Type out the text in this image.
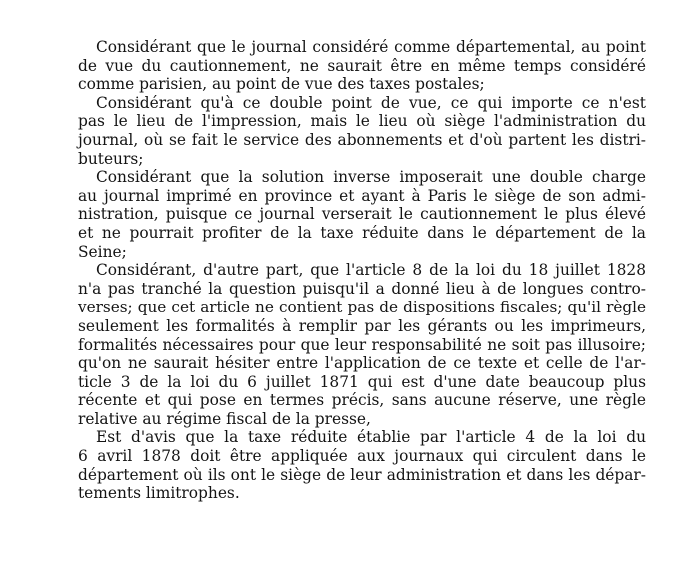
Considérant que le journal considéré comme départemental, au point
de vue du cautionnement, ne saurait être en même temps considéré
comme parisien, au point de vue des taxes postales;
Considérant qu'à ce double point de vue, ce qui importe ce n'est
pas le lieu de l'impression, mais le lieu où siège l'administration du
journal, où se fait le service des abonnements et d'où partent les distri-
buteurs;
Considérant que la solution inverse imposerait une double charge
au journal imprimé en province et ayant à Paris le siège de son admi-
nistration, puisque ce journal verserait le cautionnement le plus élevé
et ne pourrait profiter de la taxe réduite dans le département de la
Seine;
Considérant, d'autre part, que l'article 8 de la loi du 18 juillet 1828
n'a pas tranché la question puisqu'il a donné lieu à de longues contro-
verses; que cet article ne contient pas de dispositions fiscales; qu'il règle
seulement les formalités à remplir par les gérants ou les imprimeurs,
formalités nécessaires pour que leur responsabilité ne soit pas illusoire;
qu'on ne saurait hésiter entre l'application de ce texte et celle de l'ar-
ticle 3 de la loi du 6 juillet 1871 qui est d'une date beaucoup plus
récente et qui pose en termes précis, sans aucune réserve, une règle
relative au régime fiscal de la presse,
Est d'avis que la taxe réduite établie par l'article 4 de la loi du
6 avril 1878 doit être appliquée aux journaux qui circulent dans le
département où ils ont le siège de leur administration et dans les dépar-
tements limitrophes.
